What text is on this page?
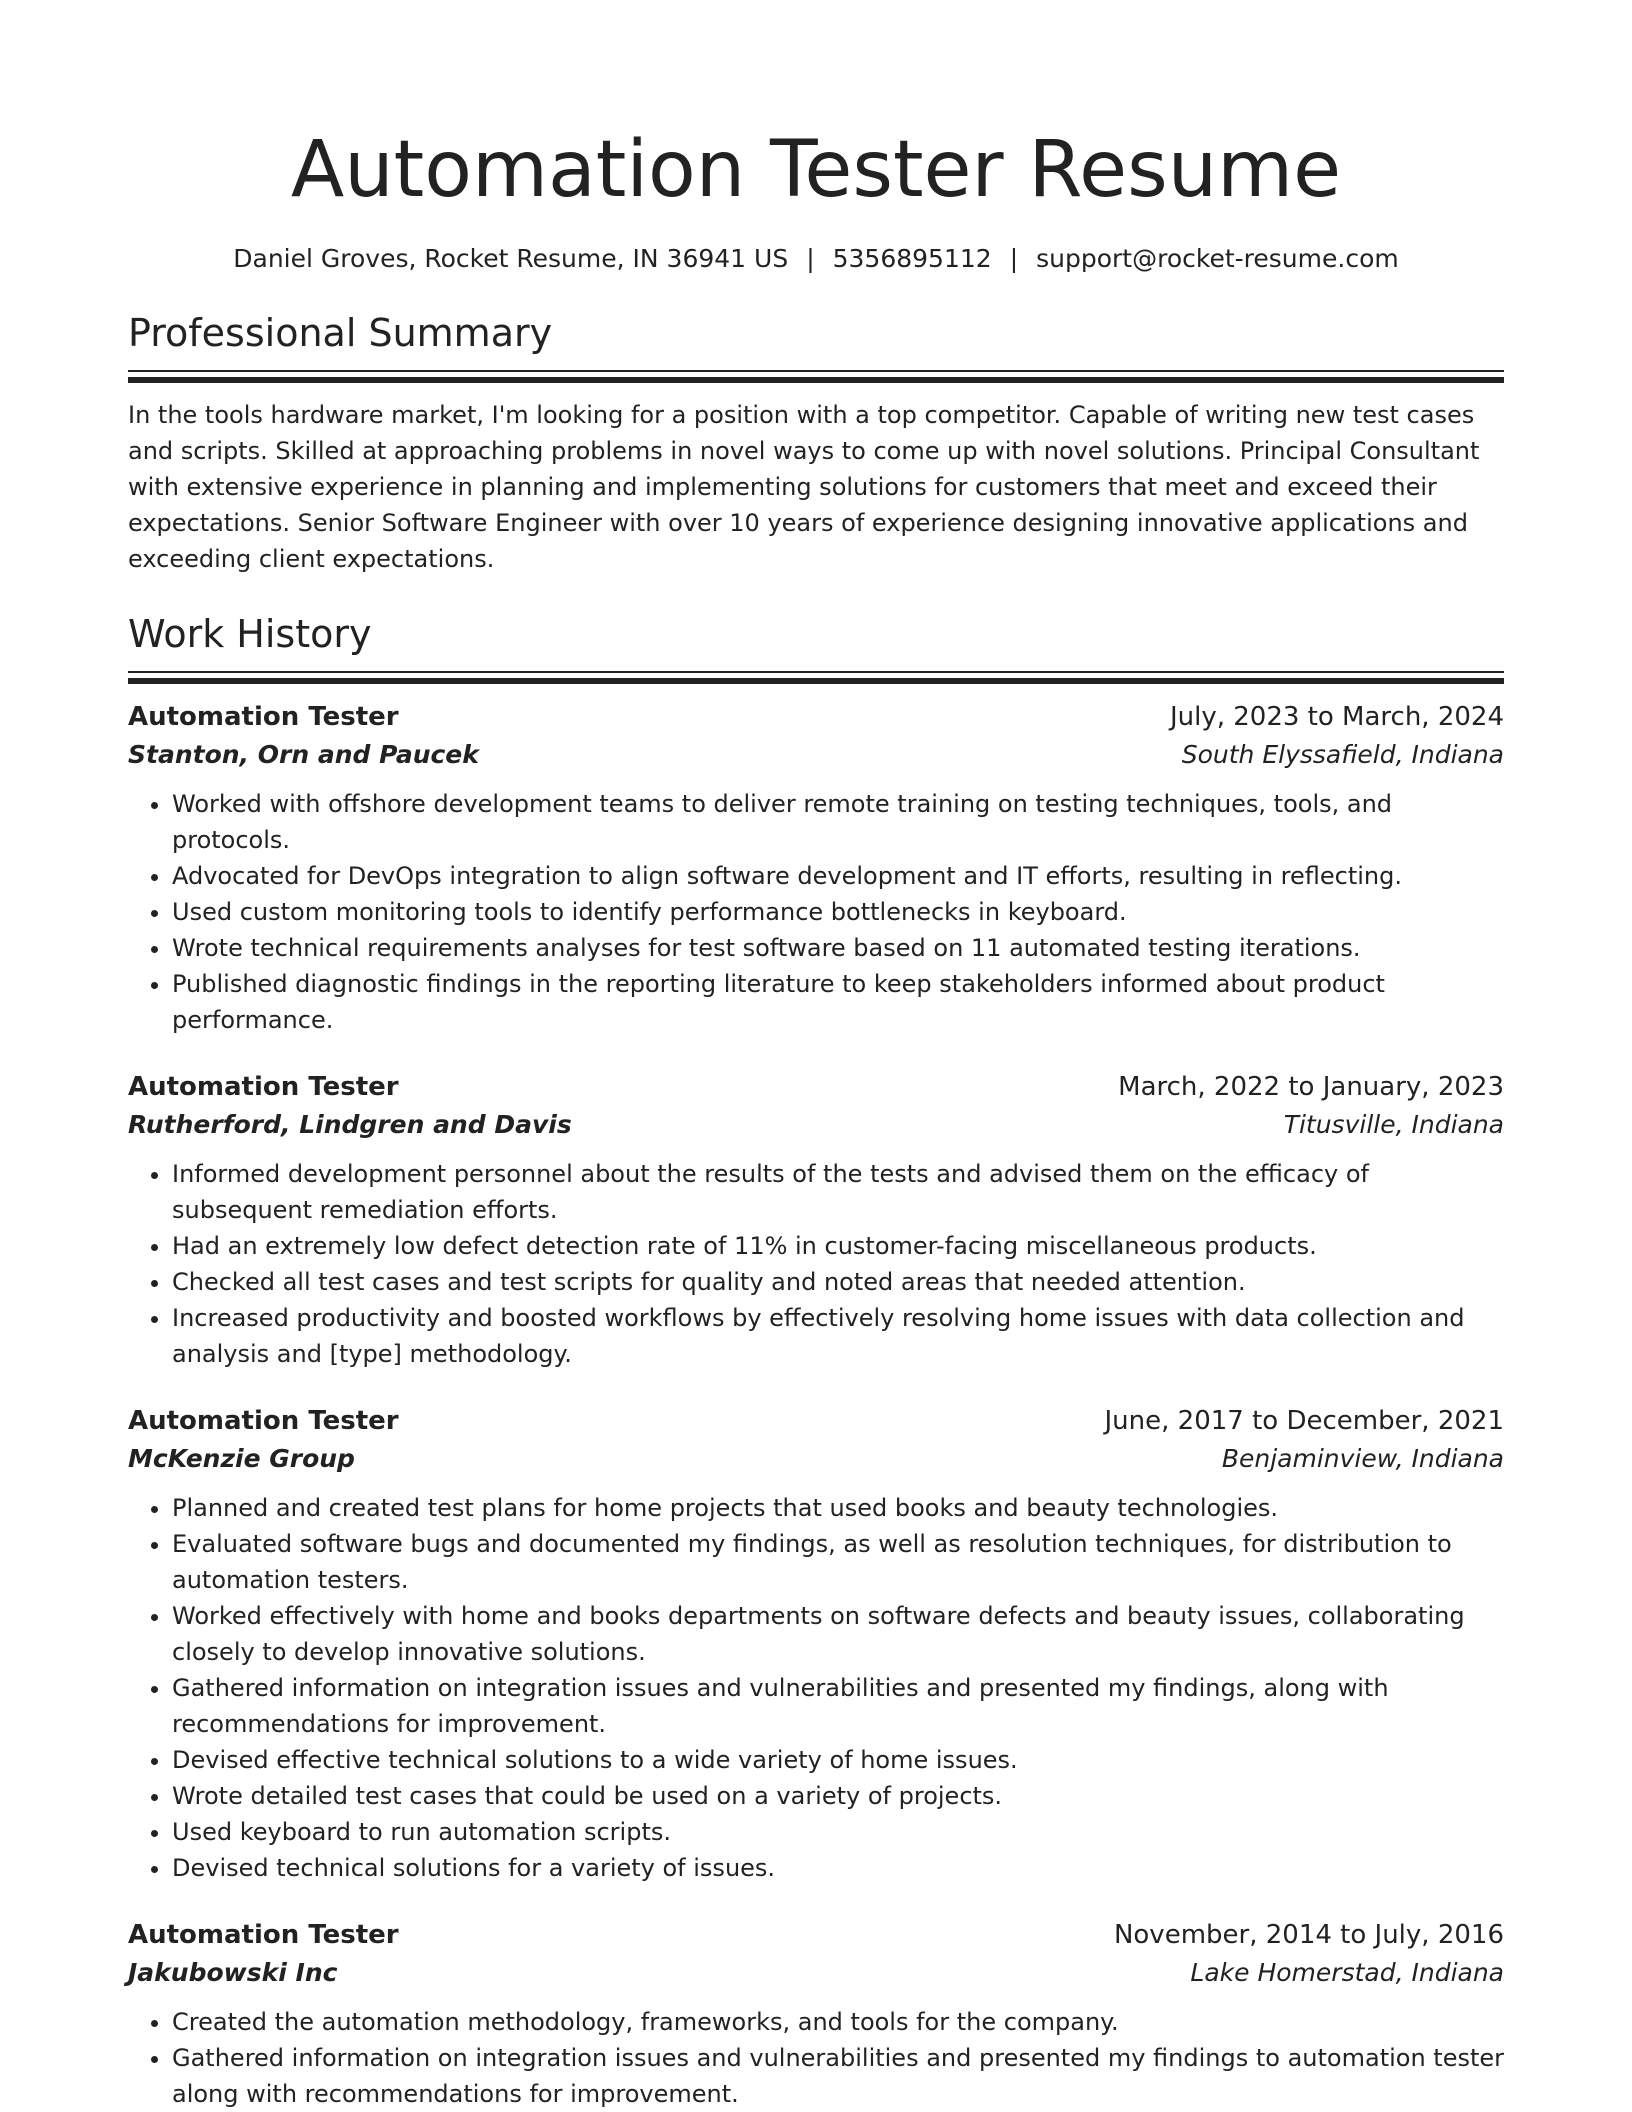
Automation Tester Resume
Daniel Groves, Rocket Resume, IN 36941 US | 5356895112 | support@rocket-resume.com
Professional Summary

In the tools hardware market, I'm looking for a position with a top competitor. Capable of writing new test cases and scripts. Skilled at approaching problems in novel ways to come up with novel solutions. Principal Consultant with extensive experience in planning and implementing solutions for customers that meet and exceed their expectations. Senior Software Engineer with over 10 years of experience designing innovative applications and exceeding client expectations.

Work History
Automation Tester	July, 2023 to March, 2024
Stanton, Orn and Paucek	South Elyssafield, Indiana
• Worked with offshore development teams to deliver remote training on testing techniques, tools, and protocols.
• Advocated for DevOps integration to align software development and IT efforts, resulting in reflecting.
• Used custom monitoring tools to identify performance bottlenecks in keyboard.
• Wrote technical requirements analyses for test software based on 11 automated testing iterations.
• Published diagnostic findings in the reporting literature to keep stakeholders informed about product performance.
Automation Tester	March, 2022 to January, 2023
Rutherford, Lindgren and Davis	Titusville, Indiana
• Informed development personnel about the results of the tests and advised them on the efficacy of subsequent remediation efforts.
• Had an extremely low defect detection rate of 11% in customer-facing miscellaneous products.
• Checked all test cases and test scripts for quality and noted areas that needed attention.
• Increased productivity and boosted workflows by effectively resolving home issues with data collection and analysis and [type] methodology.
Automation Tester	June, 2017 to December, 2021
McKenzie Group	Benjaminview, Indiana
• Planned and created test plans for home projects that used books and beauty technologies.
• Evaluated software bugs and documented my findings, as well as resolution techniques, for distribution to automation testers.
• Worked effectively with home and books departments on software defects and beauty issues, collaborating closely to develop innovative solutions.
• Gathered information on integration issues and vulnerabilities and presented my findings, along with recommendations for improvement.
• Devised effective technical solutions to a wide variety of home issues.
• Wrote detailed test cases that could be used on a variety of projects.
• Used keyboard to run automation scripts.
• Devised technical solutions for a variety of issues.
Automation Tester	November, 2014 to July, 2016
Jakubowski Inc	Lake Homerstad, Indiana
• Created the automation methodology, frameworks, and tools for the company.
• Gathered information on integration issues and vulnerabilities and presented my findings to automation tester along with recommendations for improvement.
